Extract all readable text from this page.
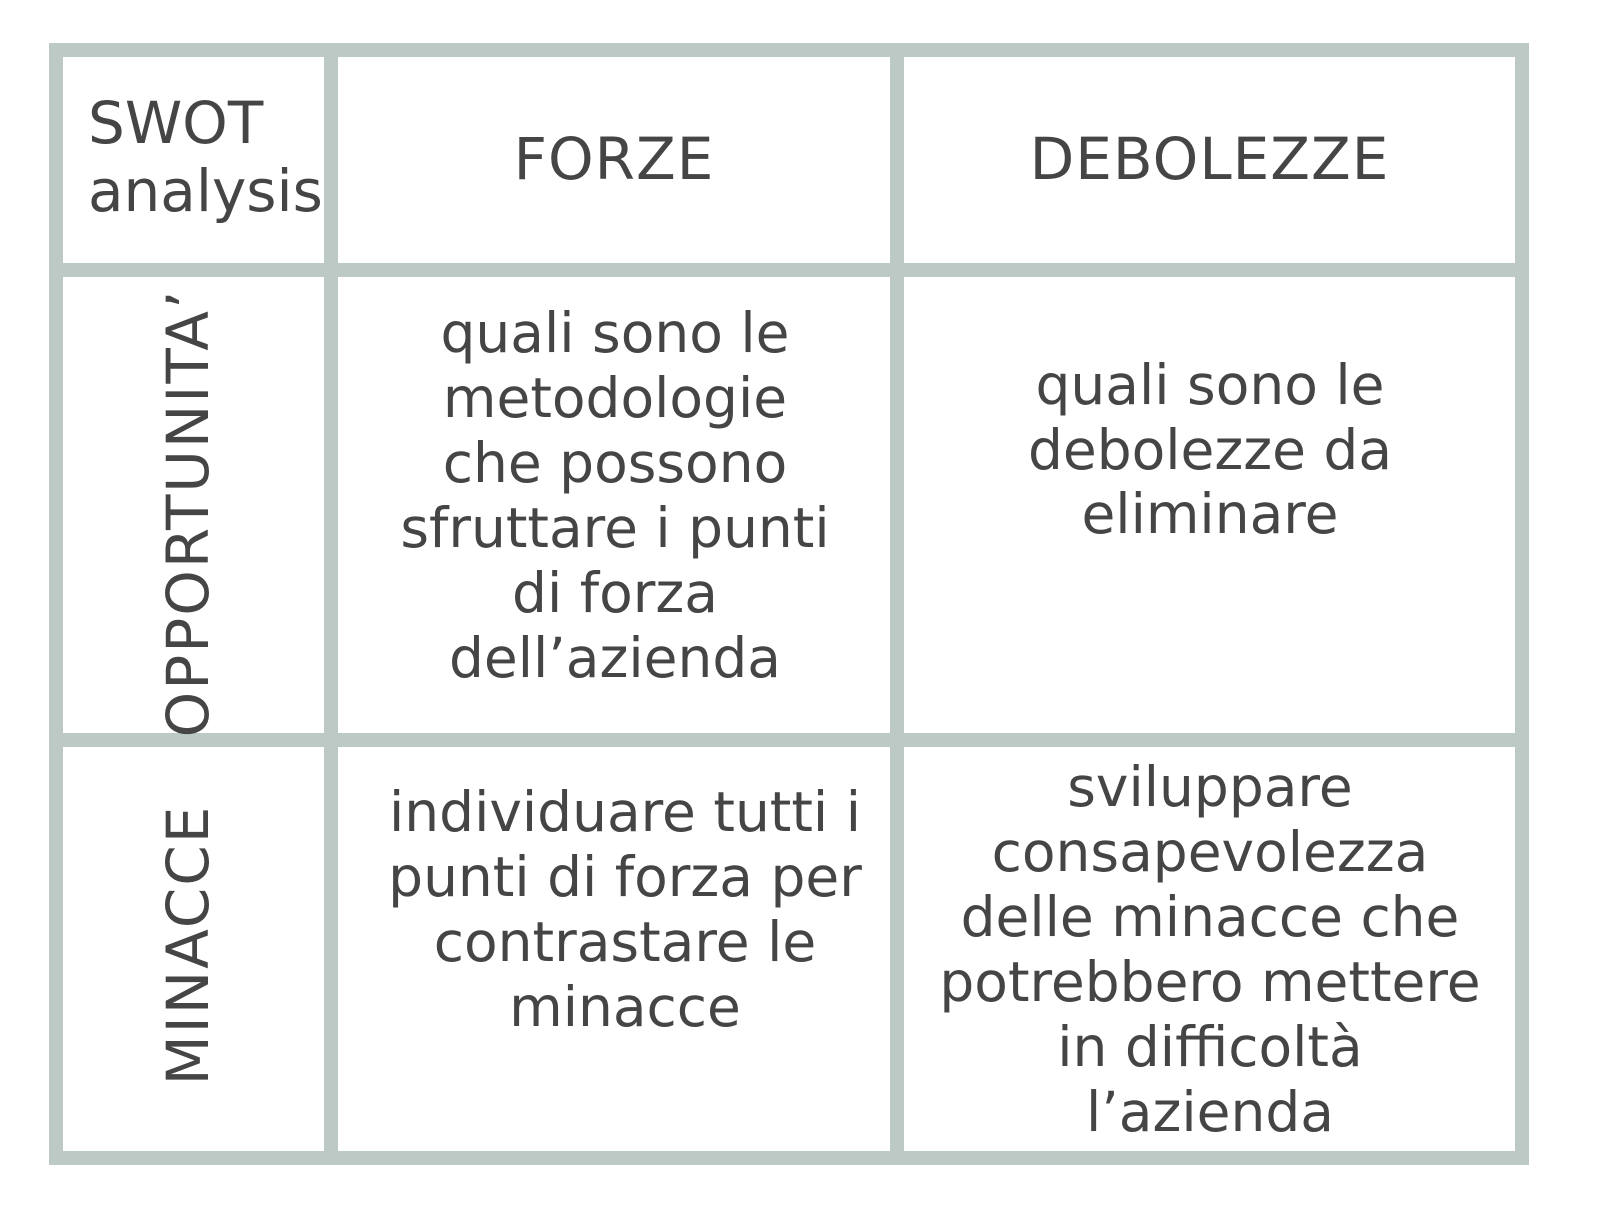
SWOT
analysis	FORZE	DEBOLEZZE
OPPORTUNITA’
MINACCE
quali sono le
metodologie
che possono
sfruttare i punti
di forza
dell’azienda
quali sono le
debolezze da
eliminare
individuare tutti i
punti di forza per
contrastare le
minacce
sviluppare
consapevolezza
delle minacce che
potrebbero mettere
in difficoltà
l’azienda
